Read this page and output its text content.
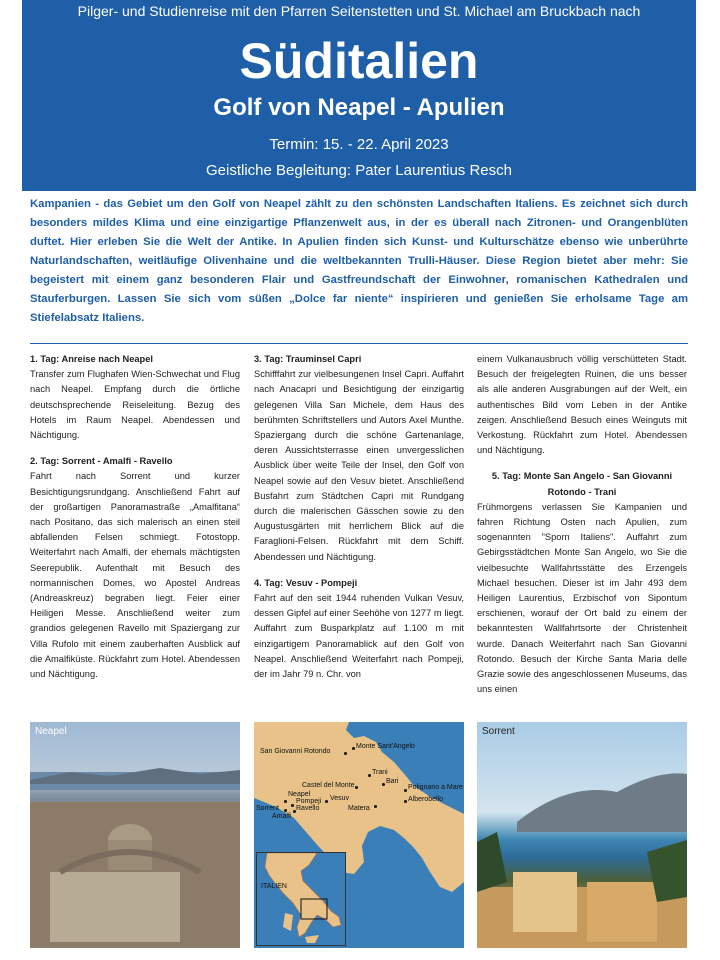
Pilger- und Studienreise mit den Pfarren Seitenstetten und St. Michael am Bruckbach nach
Süditalien
Golf von Neapel - Apulien
Termin: 15. - 22. April 2023
Geistliche Begleitung: Pater Laurentius Resch

Kampanien - das Gebiet um den Golf von Neapel zählt zu den schönsten Landschaften Italiens. Es zeichnet sich durch besonders mildes Klima und eine einzigartige Pflanzenwelt aus, in der es überall nach Zitronen- und Orangenblüten duftet. Hier erleben Sie die Welt der Antike. In Apulien finden sich Kunst- und Kulturschätze ebenso wie unberührte Naturlandschaften, weitläufige Olivenhaine und die weltbekannten Trulli-Häuser. Diese Region bietet aber mehr: Sie begeistert mit einem ganz besonderen Flair und Gastfreundschaft der Einwohner, romanischen Kathedralen und Stauferburgen. Lassen Sie sich vom süßen „Dolce far niente“ inspirieren und genießen Sie erholsame Tage am Stiefelabsatz Italiens.

1. Tag: Anreise nach Neapel

Transfer zum Flughafen Wien-Schwechat und Flug nach Neapel. Empfang durch die örtliche deutschsprechende Reiseleitung. Bezug des Hotels im Raum Neapel. Abendessen und Nächtigung.

2. Tag: Sorrent - Amalfi - Ravello

Fahrt nach Sorrent und kurzer Besichtigungsrundgang. Anschließend Fahrt auf der großartigen Panoramastraße „Amalfitana“ nach Positano, das sich malerisch an einen steil abfallenden Felsen schmiegt. Fotostopp. Weiterfahrt nach Amalfi, der ehemals mächtigsten Seerepublik. Aufenthalt mit Besuch des normannischen Domes, wo Apostel Andreas (Andreaskreuz) begraben liegt. Feier einer Heiligen Messe. Anschließend weiter zum grandios gelegenen Ravello mit Spaziergang zur Villa Rufolo mit einem zauberhaften Ausblick auf die Amalfiküste. Rückfahrt zum Hotel. Abendessen und Nächtigung.

3. Tag: Trauminsel Capri

Schifffahrt zur vielbesungenen Insel Capri. Auffahrt nach Anacapri und Besichtigung der einzigartig gelegenen Villa San Michele, dem Haus des berühmten Schriftstellers und Autors Axel Munthe. Spaziergang durch die schöne Gartenanlage, deren Aussichtsterrasse einen unvergesslichen Ausblick über weite Teile der Insel, den Golf von Neapel sowie auf den Vesuv bietet. Anschließend Busfahrt zum Städtchen Capri mit Rundgang durch die malerischen Gässchen sowie zu den Augustusgärten mit herrlichem Blick auf die Faraglioni-Felsen. Rückfahrt mit dem Schiff. Abendessen und Nächtigung.

4. Tag: Vesuv - Pompeji

Fahrt auf den seit 1944 ruhenden Vulkan Vesuv, dessen Gipfel auf einer Seehöhe von 1277 m liegt. Auffahrt zum Busparkplatz auf 1.100 m mit einzigartigem Panoramablick auf den Golf von Neapel. Anschließend Weiterfahrt nach Pompeji, der im Jahr 79 n. Chr. von

einem Vulkanausbruch völlig verschütteten Stadt. Besuch der freigelegten Ruinen, die uns besser als alle anderen Ausgrabungen auf der Welt, ein authentisches Bild vom Leben in der Antike zeigen. Anschließend Besuch eines Weinguts mit Verkostung. Rückfahrt zum Hotel. Abendessen und Nächtigung.

5. Tag: Monte San Angelo - San Giovanni

Rotondo - Trani

Frühmorgens verlassen Sie Kampanien und fahren Richtung Osten nach Apulien, zum sogenannten "Sporn Italiens". Auffahrt zum Gebirgsstädtchen Monte San Angelo, wo Sie die vielbesuchte Wallfahrtsstätte des Erzengels Michael besuchen. Dieser ist im Jahr 493 dem Heiligen Laurentius, Erzbischof von Sipontum erschienen, worauf der Ort bald zu einem der bekanntesten Wallfahrtsorte der Christenheit wurde. Danach Weiterfahrt nach San Giovanni Rotondo. Besuch der Kirche Santa Maria delle Grazie sowie des angeschlossenen Museums, das uns einen

Neapel
San Giovanni Rotondo
Monte Sant'Angelo
Trani
Bari
Polignano a Mare
Castel del Monte
Alberobello
Neapel
Pompeji Vesuv
Matera
Sorrent Ravello
Amalfi
ITALIEN
Sorrent
